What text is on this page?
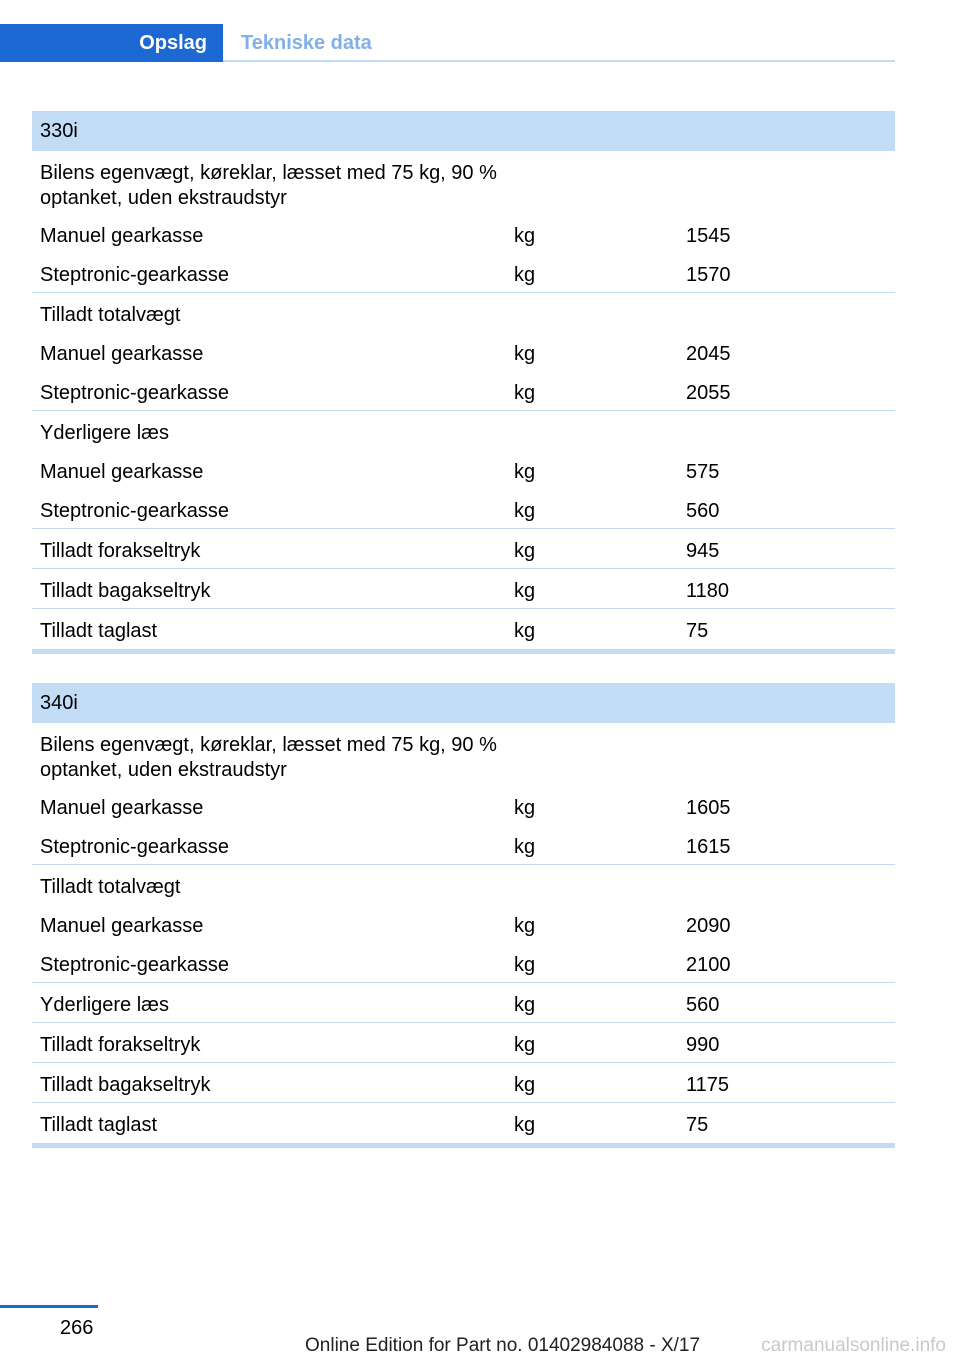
Opslag Tekniske data
330i
Bilens egenvægt, køreklar, læsset med 75 kg, 90 % optanket, uden ekstraudstyr
Manuel gearkasse	kg	1545
Steptronic-gearkasse	kg	1570
Tilladt totalvægt
Manuel gearkasse	kg	2045
Steptronic-gearkasse	kg	2055
Yderligere læs
Manuel gearkasse	kg	575
Steptronic-gearkasse	kg	560
Tilladt forakseltryk	kg	945
Tilladt bagakseltryk	kg	1180
Tilladt taglast	kg	75
340i
Bilens egenvægt, køreklar, læsset med 75 kg, 90 % optanket, uden ekstraudstyr
Manuel gearkasse	kg	1605
Steptronic-gearkasse	kg	1615
Tilladt totalvægt
Manuel gearkasse	kg	2090
Steptronic-gearkasse	kg	2100
Yderligere læs	kg	560
Tilladt forakseltryk	kg	990
Tilladt bagakseltryk	kg	1175
Tilladt taglast	kg	75
266
Online Edition for Part no. 01402984088 - X/17	carmanualsonline.info
